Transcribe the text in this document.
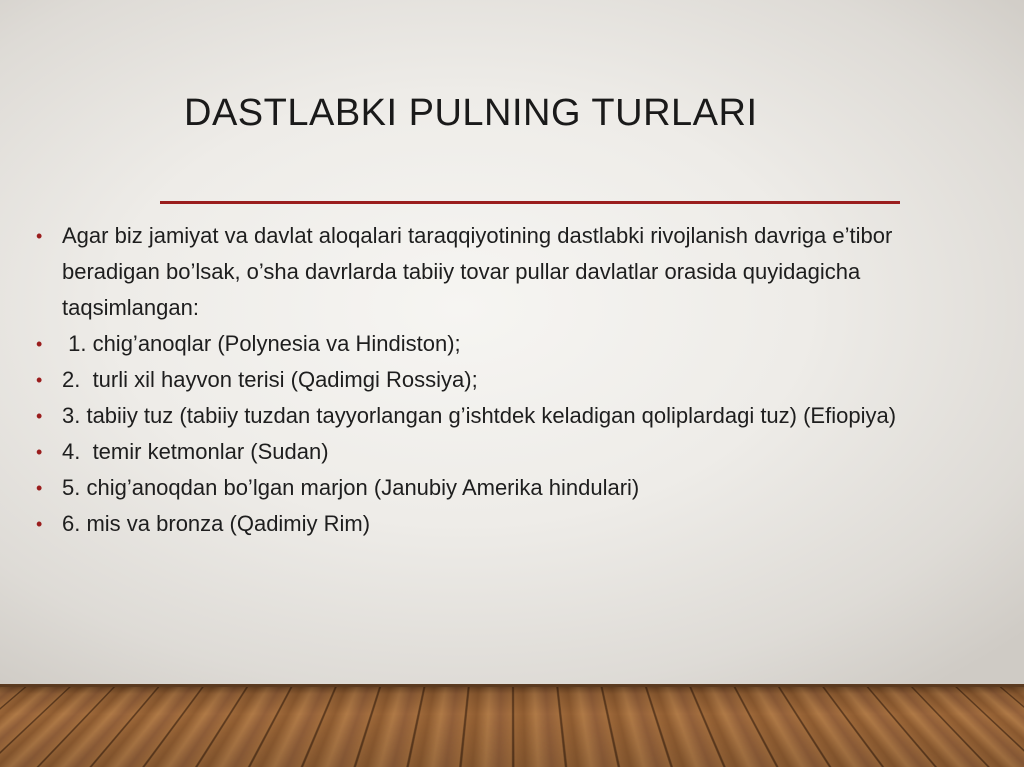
DASTLABKI PULNING TURLARI
• Agar biz jamiyat va davlat aloqalari taraqqiyotining dastlabki rivojlanish davriga e’tibor beradigan bo’lsak, o’sha davrlarda tabiiy tovar pullar davlatlar orasida quyidagicha taqsimlangan:
• 1. chig’anoqlar (Polynesia va Hindiston);
• 2.  turli xil hayvon terisi (Qadimgi Rossiya);
• 3. tabiiy tuz (tabiiy tuzdan tayyorlangan g’ishtdek keladigan qoliplardagi tuz) (Efiopiya)
• 4.  temir ketmonlar (Sudan)
• 5. chig’anoqdan bo’lgan marjon (Janubiy Amerika hindulari)
• 6. mis va bronza (Qadimiy Rim)
